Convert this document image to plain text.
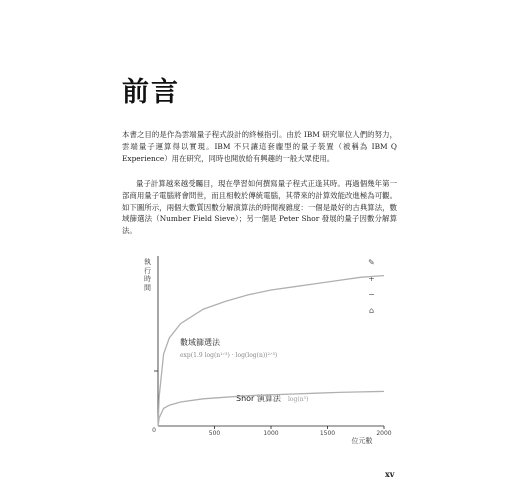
前言

本書之目的是作為雲端量子程式設計的終極指引。由於 IBM 研究單位人們的努力，雲端量子運算得以實現。IBM 不只讓這套龐型的量子裝置（被稱為 IBM Q Experience）用在研究，同時也開放給有興趣的一般大眾使用。

量子計算越來越受矚目，現在學習如何撰寫量子程式正逢其時。再過個幾年第一部商用量子電腦將會問世，而且相較於傳統電腦，其帶來的計算效能改進極為可觀。如下圖所示，兩個大數質因數分解演算法的時間複雜度：一個是最好的古典算法，數域篩選法（Number Field Sieve）；另一個是 Peter Shor 發展的量子因數分解算法。

執行時間
✎
+
−
⌂
0
位元數
數域篩選法
exp(1.9 log(n¹ᐟ³) · log(log(n))²ᐟ³)
Shor 演算法 log(n³)
500	1000	1500	2000
xv
